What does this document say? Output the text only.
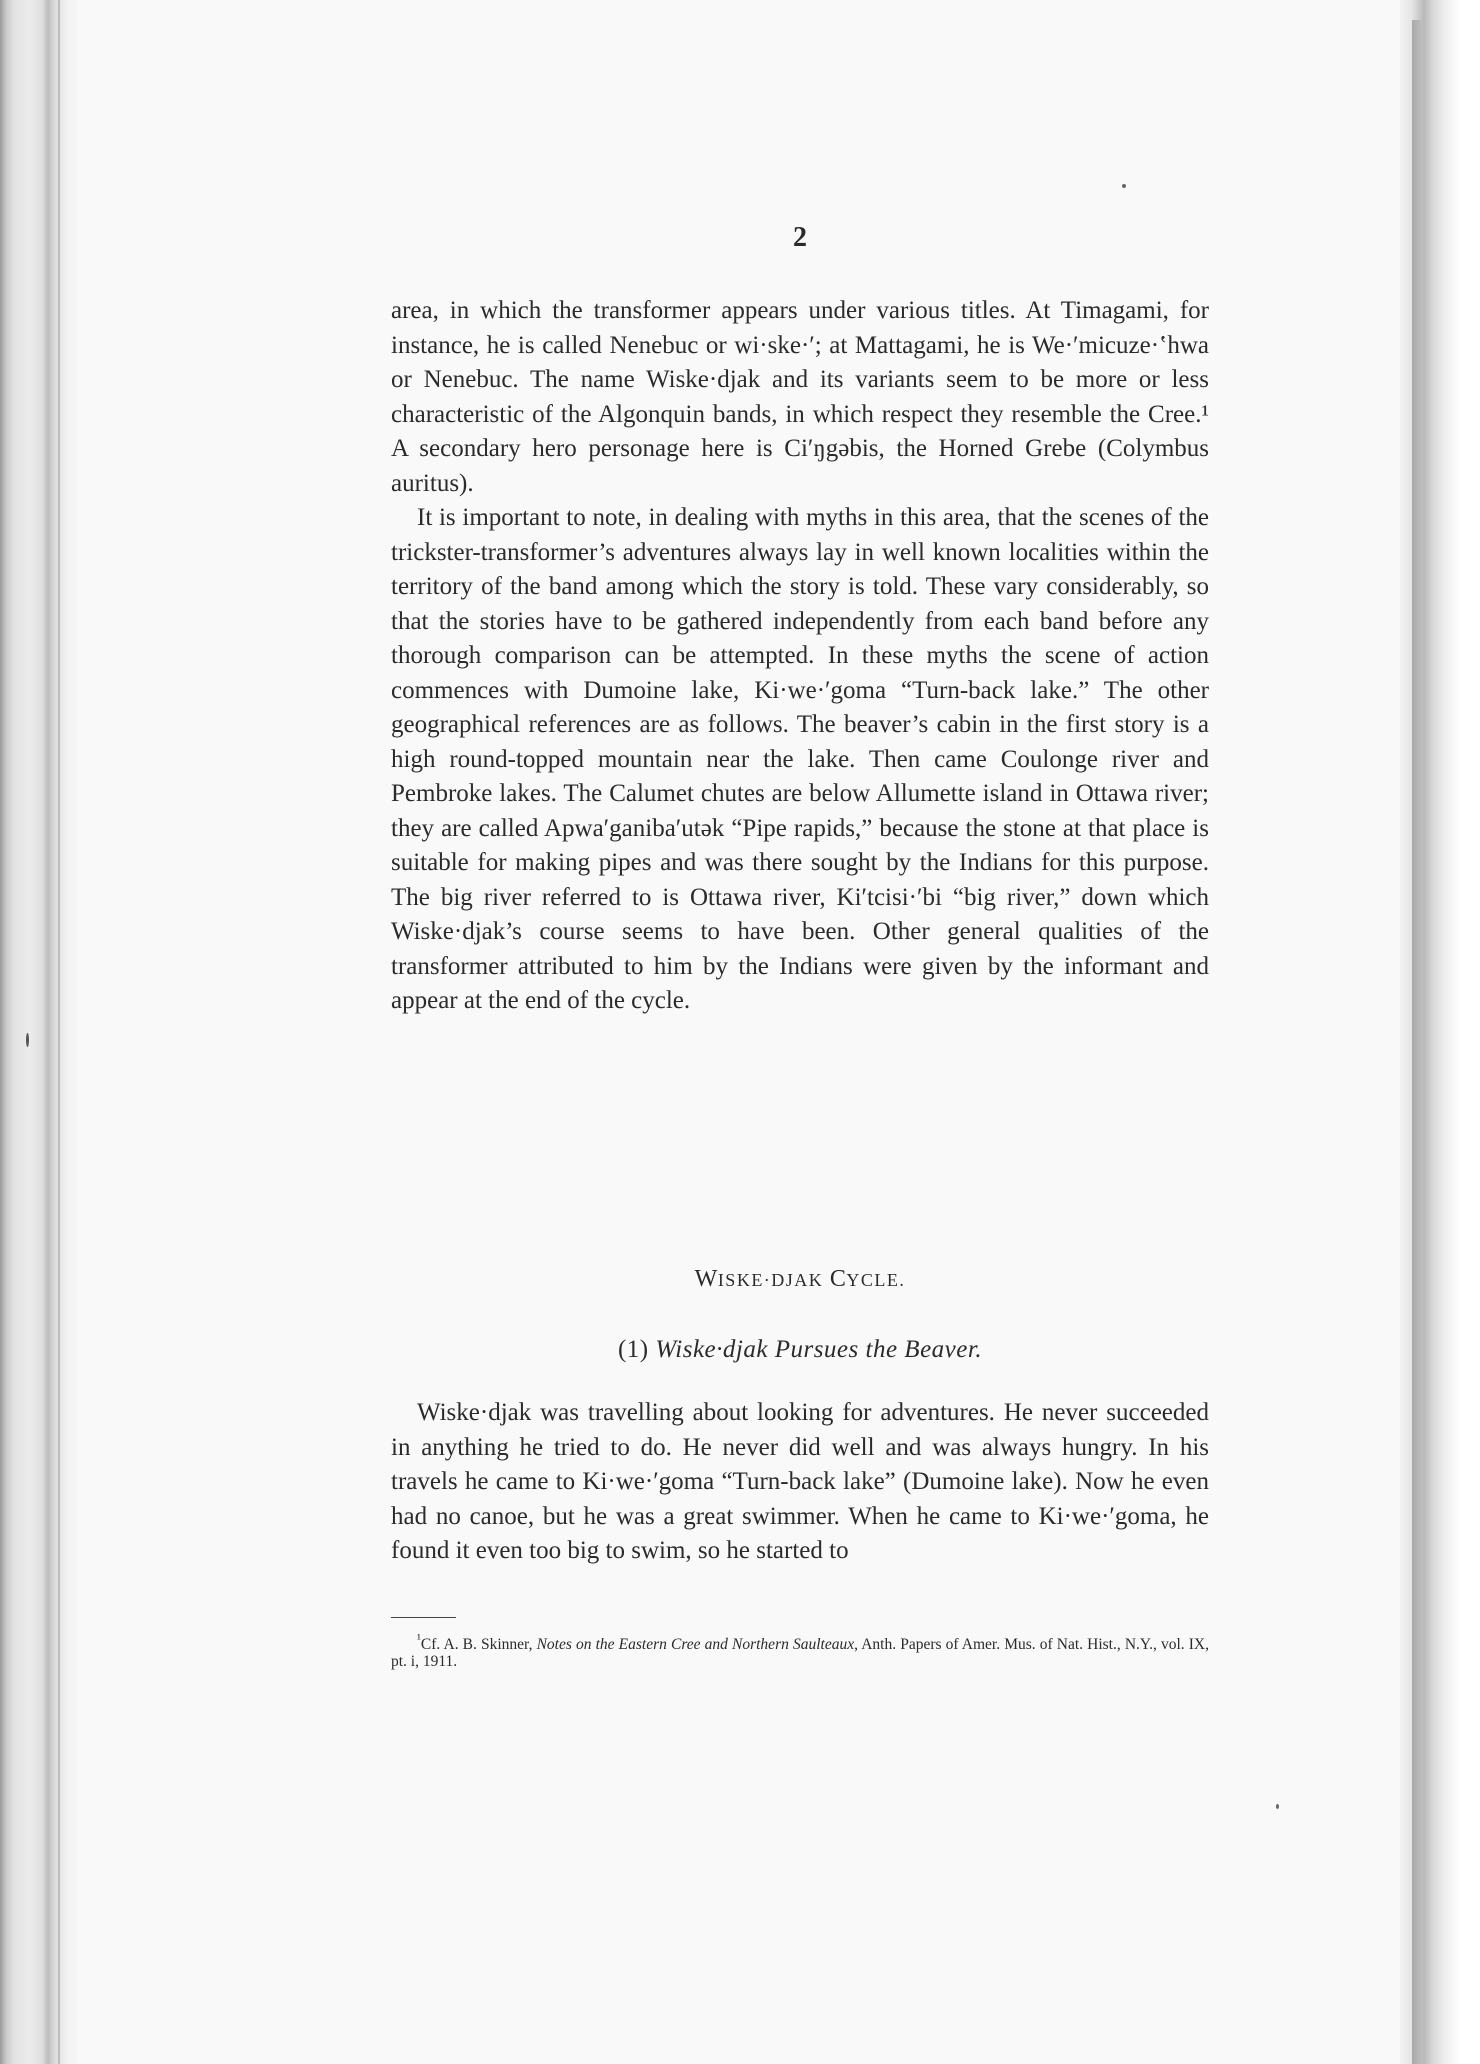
2

area, in which the transformer appears under various titles. At Timagami, for instance, he is called Nenebuc or wi·ske·′; at Mattagami, he is We·′micuze·ʽhwa or Nenebuc. The name Wiske·djak and its variants seem to be more or less characteristic of the Algonquin bands, in which respect they resemble the Cree.¹ A secondary hero personage here is Ci′ŋgəbis, the Horned Grebe (Colymbus auritus).

It is important to note, in dealing with myths in this area, that the scenes of the trickster-transformer’s adventures always lay in well known localities within the territory of the band among which the story is told. These vary considerably, so that the stories have to be gathered independently from each band before any thorough comparison can be attempted. In these myths the scene of action commences with Dumoine lake, Ki·we·′goma “Turn-back lake.” The other geographical references are as follows. The beaver’s cabin in the first story is a high round-topped mountain near the lake. Then came Coulonge river and Pembroke lakes. The Calumet chutes are below Allumette island in Ottawa river; they are called Apwa′ganiba′utək “Pipe rapids,” because the stone at that place is suitable for making pipes and was there sought by the Indians for this purpose. The big river referred to is Ottawa river, Ki′tcisi·′bi “big river,” down which Wiske·djak’s course seems to have been. Other general qualities of the transformer attributed to him by the Indians were given by the informant and appear at the end of the cycle.

WISKE·DJAK CYCLE.
(1) Wiske·djak Pursues the Beaver.

Wiske·djak was travelling about looking for adventures. He never succeeded in anything he tried to do. He never did well and was always hungry. In his travels he came to Ki·we·′goma “Turn-back lake” (Dumoine lake). Now he even had no canoe, but he was a great swimmer. When he came to Ki·we·′goma, he found it even too big to swim, so he started to

$^{^1}$Cf. A. B. Skinner, Notes on the Eastern Cree and Northern Saulteaux, Anth. Papers of Amer. Mus. of Nat. Hist., N.Y., vol. IX, pt. i, 1911.
